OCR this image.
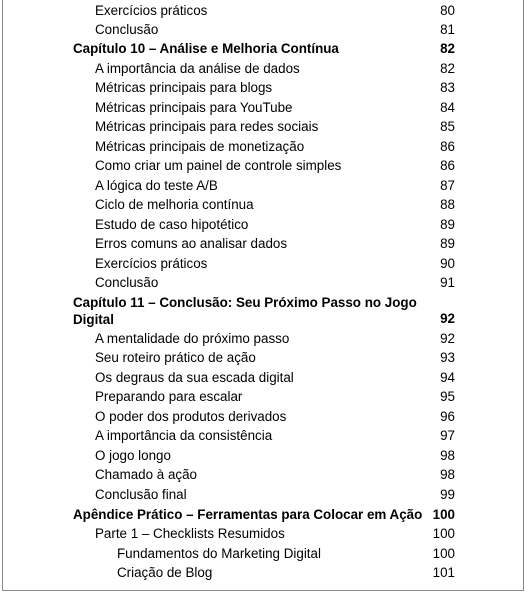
Exercícios práticos	80
Conclusão	81
Capítulo 10 – Análise e Melhoria Contínua	82
A importância da análise de dados	82
Métricas principais para blogs	83
Métricas principais para YouTube	84
Métricas principais para redes sociais	85
Métricas principais de monetização	86
Como criar um painel de controle simples	86
A lógica do teste A/B	87
Ciclo de melhoria contínua	88
Estudo de caso hipotético	89
Erros comuns ao analisar dados	89
Exercícios práticos	90
Conclusão	91
Capítulo 11 – Conclusão: Seu Próximo Passo no Jogo Digital	92
A mentalidade do próximo passo	92
Seu roteiro prático de ação	93
Os degraus da sua escada digital	94
Preparando para escalar	95
O poder dos produtos derivados	96
A importância da consistência	97
O jogo longo	98
Chamado à ação	98
Conclusão final	99
Apêndice Prático – Ferramentas para Colocar em Ação 100
Parte 1 – Checklists Resumidos	100
Fundamentos do Marketing Digital	100
Criação de Blog	101
